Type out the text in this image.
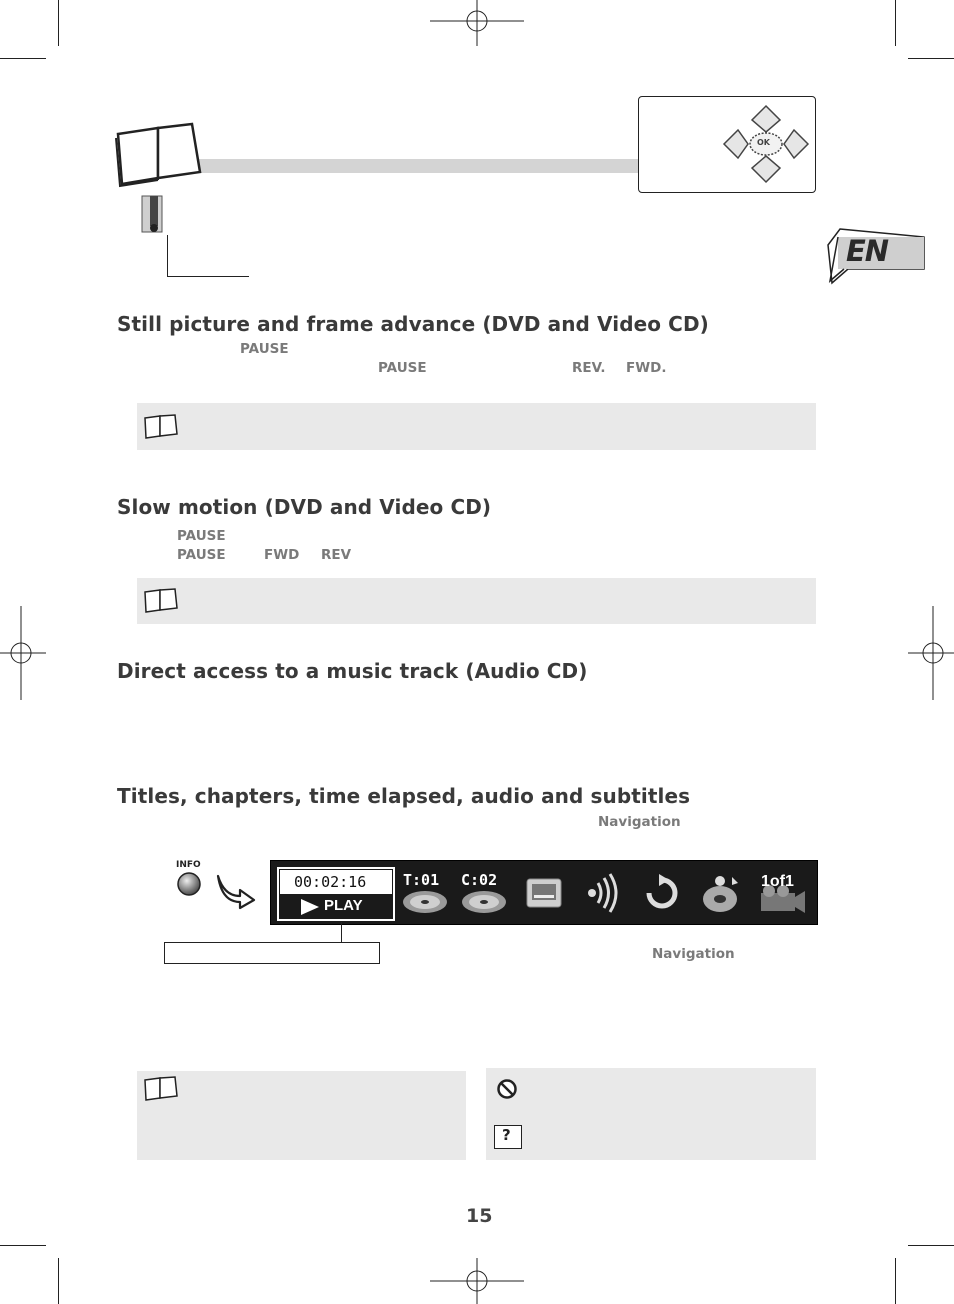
OK
EN
Still picture and frame advance (DVD and Video CD)
PAUSE
PAUSE	REV. FWD.
Slow motion (DVD and Video CD)
PAUSE
PAUSE	FWD REV
Direct access to a music track (Audio CD)
Titles, chapters, time elapsed, audio and subtitles
Navigation
INFO
00:02:16
PLAY
T:01 C:02	1of1
Navigation
?
15
